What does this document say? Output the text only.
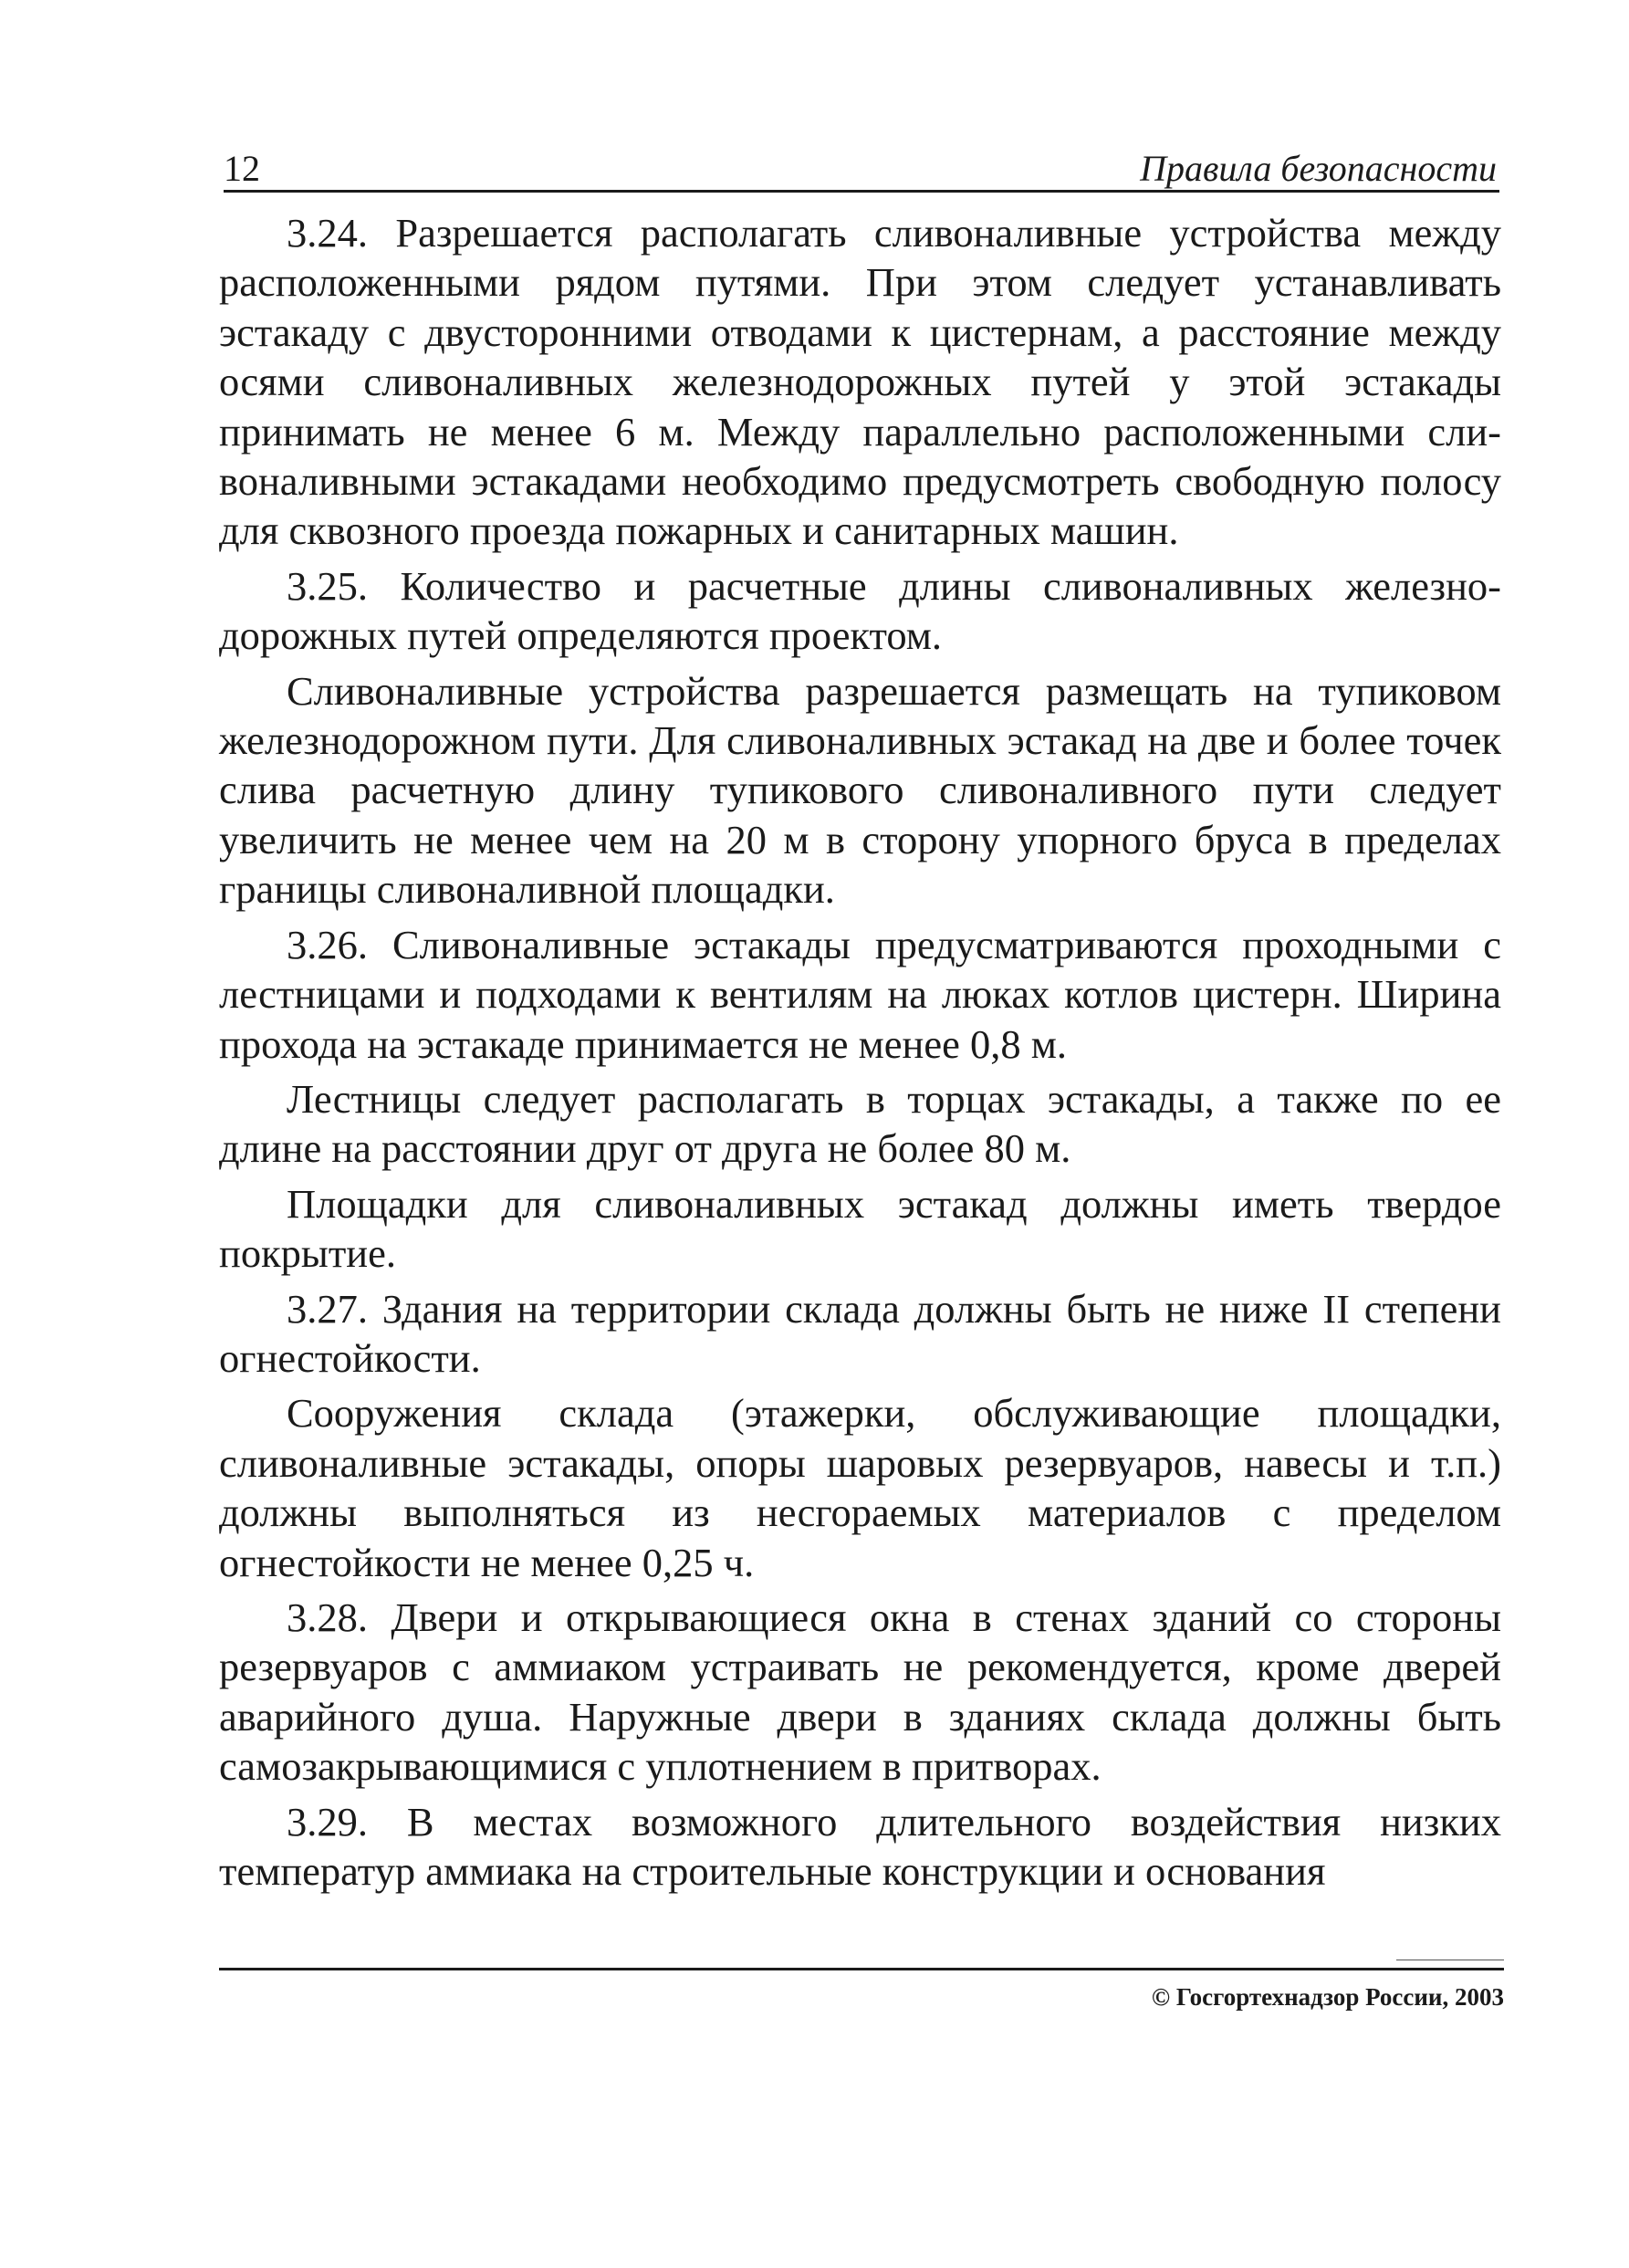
12	Правила безопасности

3.24. Разрешается располагать сливоналивные устройства между расположенными рядом путями. При этом следует устанавливать эстакаду с двусторонними отводами к цистернам, а расстояние между осями сливоналивных железнодорожных путей у этой эстакады принимать не менее 6 м. Между параллельно расположенными сливоналивными эстакадами необходимо предусмотреть свободную полосу для сквозного проезда пожарных и санитарных машин.

3.25. Количество и расчетные длины сливоналивных железнодорожных путей определяются проектом.

Сливоналивные устройства разрешается размещать на тупиковом железнодорожном пути. Для сливоналивных эстакад на две и более точек слива расчетную длину тупикового сливоналивного пути следует увеличить не менее чем на 20 м в сторону упорного бруса в пределах границы сливоналивной площадки.

3.26. Сливоналивные эстакады предусматриваются проходными с лестницами и подходами к вентилям на люках котлов цистерн. Ширина прохода на эстакаде принимается не менее 0,8 м.

Лестницы следует располагать в торцах эстакады, а также по ее длине на расстоянии друг от друга не более 80 м.

Площадки для сливоналивных эстакад должны иметь твердое покрытие.

3.27. Здания на территории склада должны быть не ниже II степени огнестойкости.

Сооружения склада (этажерки, обслуживающие площадки, сливоналивные эстакады, опоры шаровых резервуаров, навесы и т.п.) должны выполняться из несгораемых материалов с пределом огнестойкости не менее 0,25 ч.

3.28. Двери и открывающиеся окна в стенах зданий со стороны резервуаров с аммиаком устраивать не рекомендуется, кроме дверей аварийного душа. Наружные двери в зданиях склада должны быть самозакрывающимися с уплотнением в притворах.

3.29. В местах возможного длительного воздействия низких температур аммиака на строительные конструкции и основания

© Госгортехнадзор России, 2003
